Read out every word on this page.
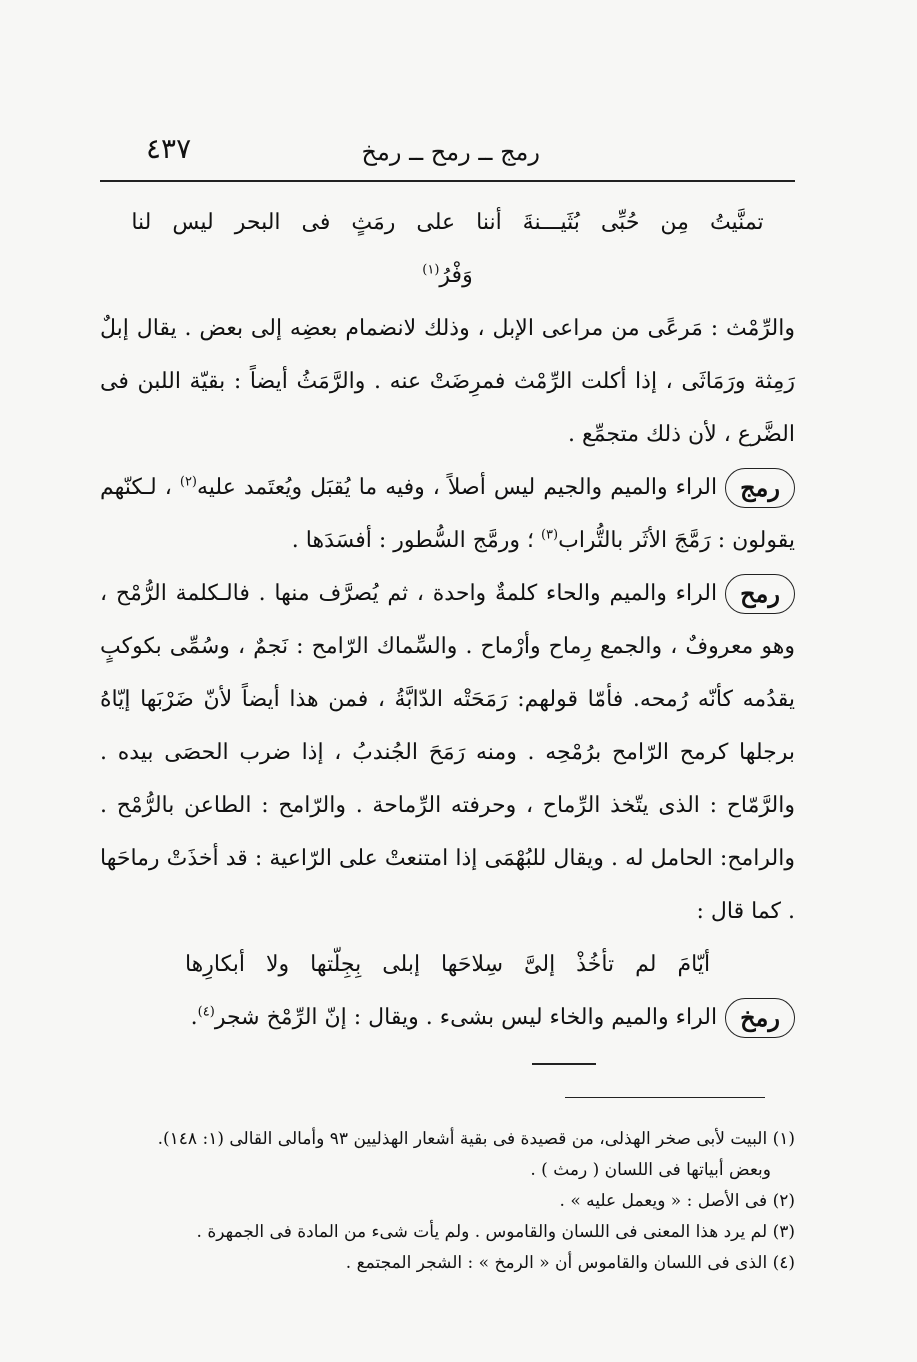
رمج ــ رمح ــ رمخ
٤٣٧

تمنَّيتُ مِن حُبِّى بُثَيـــنةَ أننا على رمَثٍ فى البحر ليس لنا وَفْرُ$^{(١)}$

والرِّمْث : مَرعًى من مراعى الإبل ، وذلك لانضمام بعضِه إلى بعض . يقال إبلٌ رَمِثة ورَمَاثَى ، إذا أكلت الرِّمْث فمرِضَتْ عنه . والرَّمَثُ أيضاً : بقيّة اللبن فى الضَّرع ، لأن ذلك متجمِّع .

رمجالراء والميم والجيم ليس أصلاً ، وفيه ما يُقبَل ويُعتَمد عليه$^{(٢)}$ ، لـكنّهم يقولون : رَمَّجَ الأثَر بالتُّراب$^{(٣)}$ ؛ ورمَّج السُّطور : أفسَدَها .

رمحالراء والميم والحاء كلمةٌ واحدة ، ثم يُصرَّف منها . فالـكلمة الرُّمْح ، وهو معروفٌ ، والجمع رِماح وأرْماح . والسِّماك الرّامح : نَجمٌ ، وسُمِّى بكوكبٍ يقدُمه كأنّه رُمحه. فأمّا قولهم: رَمَحَتْه الدّابَّةُ ، فمن هذا أيضاً لأنّ ضَرْبَها إيّاهُ برجلها كرمح الرّامح برُمْحِه . ومنه رَمَحَ الجُندبُ ، إذا ضرب الحصَى بيده . والرَّمّاح : الذى يتّخذ الرِّماح ، وحرفته الرِّماحة . والرّامح : الطاعن بالرُّمْح . والرامح: الحامل له . ويقال للبُهْمَى إذا امتنعتْ على الرّاعية : قد أخذَتْ رماحَها . كما قال :

أيّامَ لم تأخُذْ إلىَّ سِلاحَها إبلى بِجِلّتها ولا أبكارِها

رمخالراء والميم والخاء ليس بشىء . ويقال : إنّ الرِّمْخ شجر$^{(٤)}$.

(١) البيت لأبى صخر الهذلى، من قصيدة فى بقية أشعار الهذليين ٩٣ وأمالى القالى (١: ١٤٨).

وبعض أبياتها فى اللسان ( رمث ) .

(٢) فى الأصل : « ويعمل عليه » .

(٣) لم يرد هذا المعنى فى اللسان والقاموس . ولم يأت شىء من المادة فى الجمهرة .

(٤) الذى فى اللسان والقاموس أن « الرمخ » : الشجر المجتمع .
